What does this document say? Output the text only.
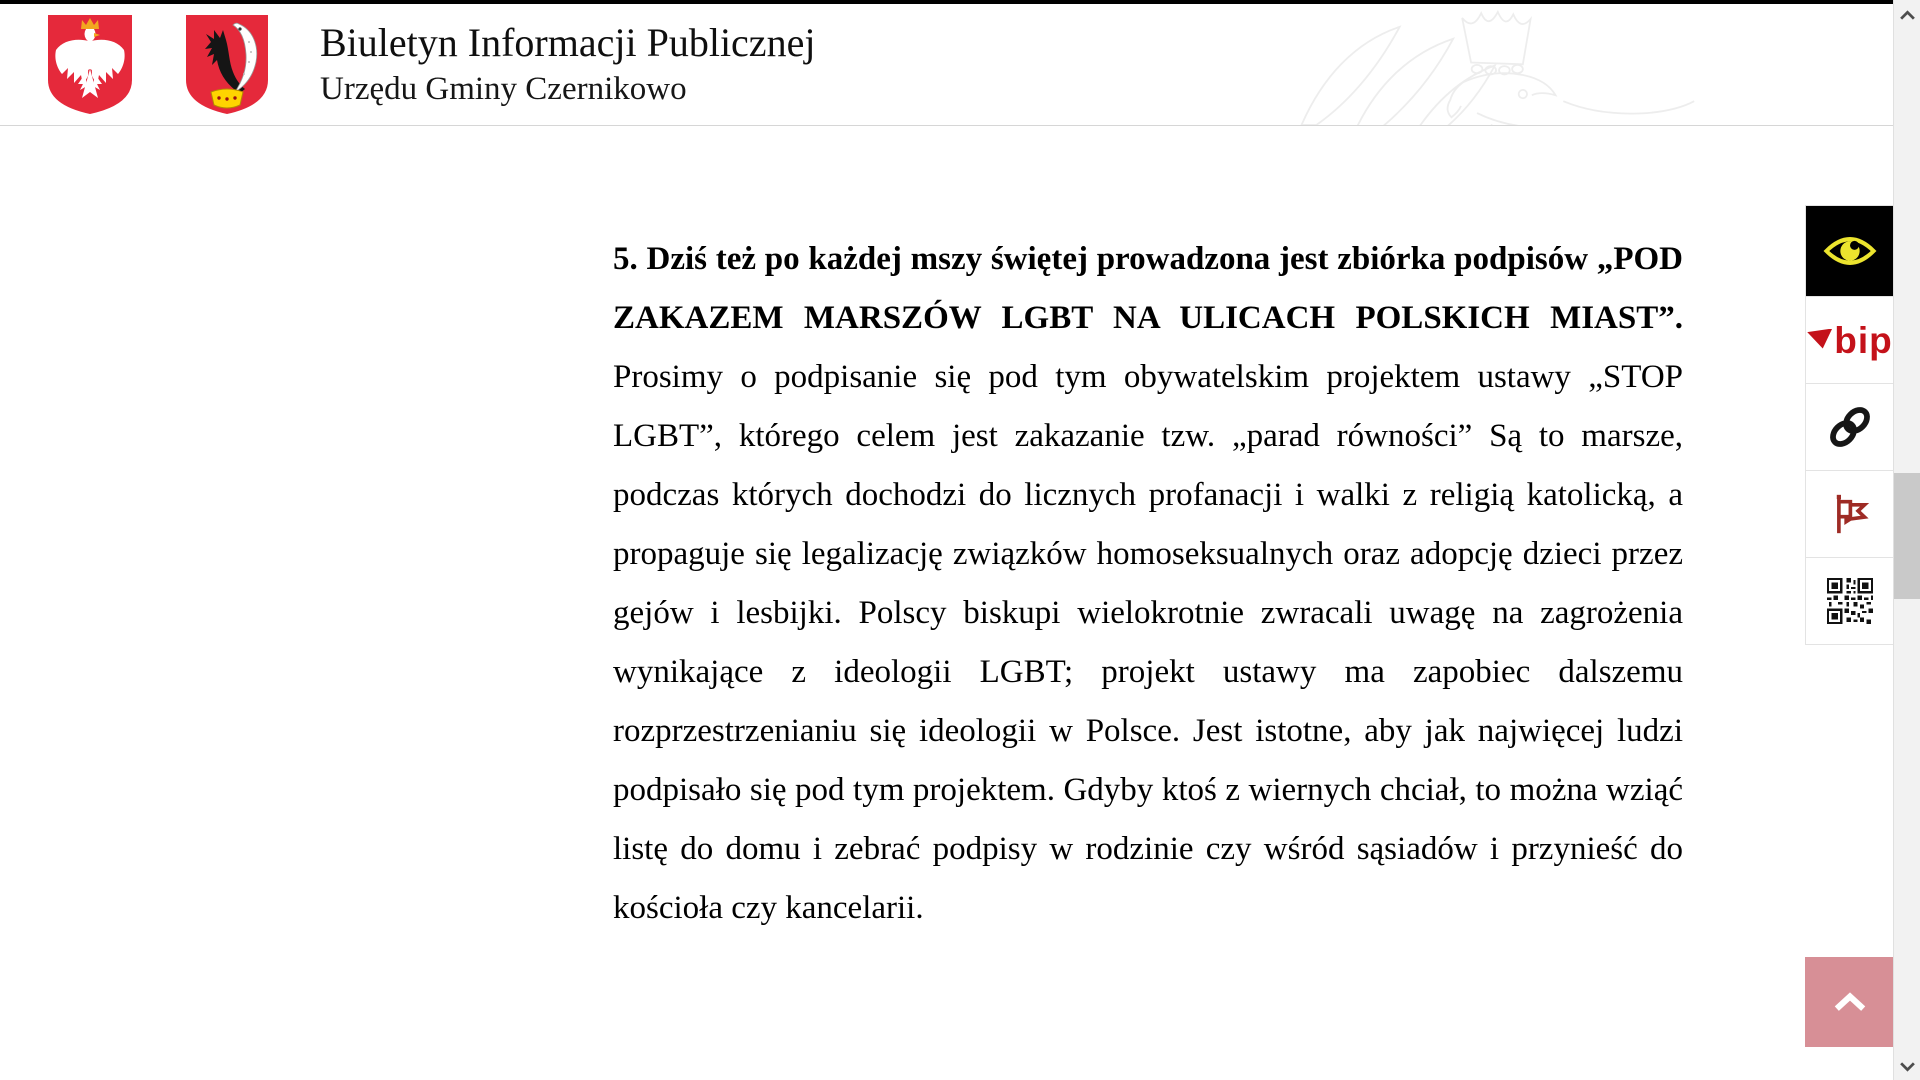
Biuletyn Informacji Publicznej
Urzędu Gminy Czernikowo

5. Dziś też po każdej mszy świętej prowadzona jest zbiórka podpisów „POD ZAKAZEM MARSZÓW LGBT NA ULICACH POLSKICH MIAST”. Prosimy o podpisanie się pod tym obywatelskim projektem ustawy „STOP LGBT”, którego celem jest zakazanie tzw. „parad równości” Są to marsze, podczas których dochodzi do licznych profanacji i walki z religią katolicką, a propaguje się legalizację związków homoseksualnych oraz adopcję dzieci przez gejów i lesbijki. Polscy biskupi wielokrotnie zwracali uwagę na zagrożenia wynikające z ideologii LGBT; projekt ustawy ma zapobiec dalszemu rozprzestrzenianiu się ideologii w Polsce. Jest istotne, aby jak najwięcej ludzi podpisało się pod tym projektem. Gdyby ktoś z wiernych chciał, to można wziąć listę do domu i zebrać podpisy w rodzinie czy wśród sąsiadów i przynieść do kościoła czy kancelarii.

bip
